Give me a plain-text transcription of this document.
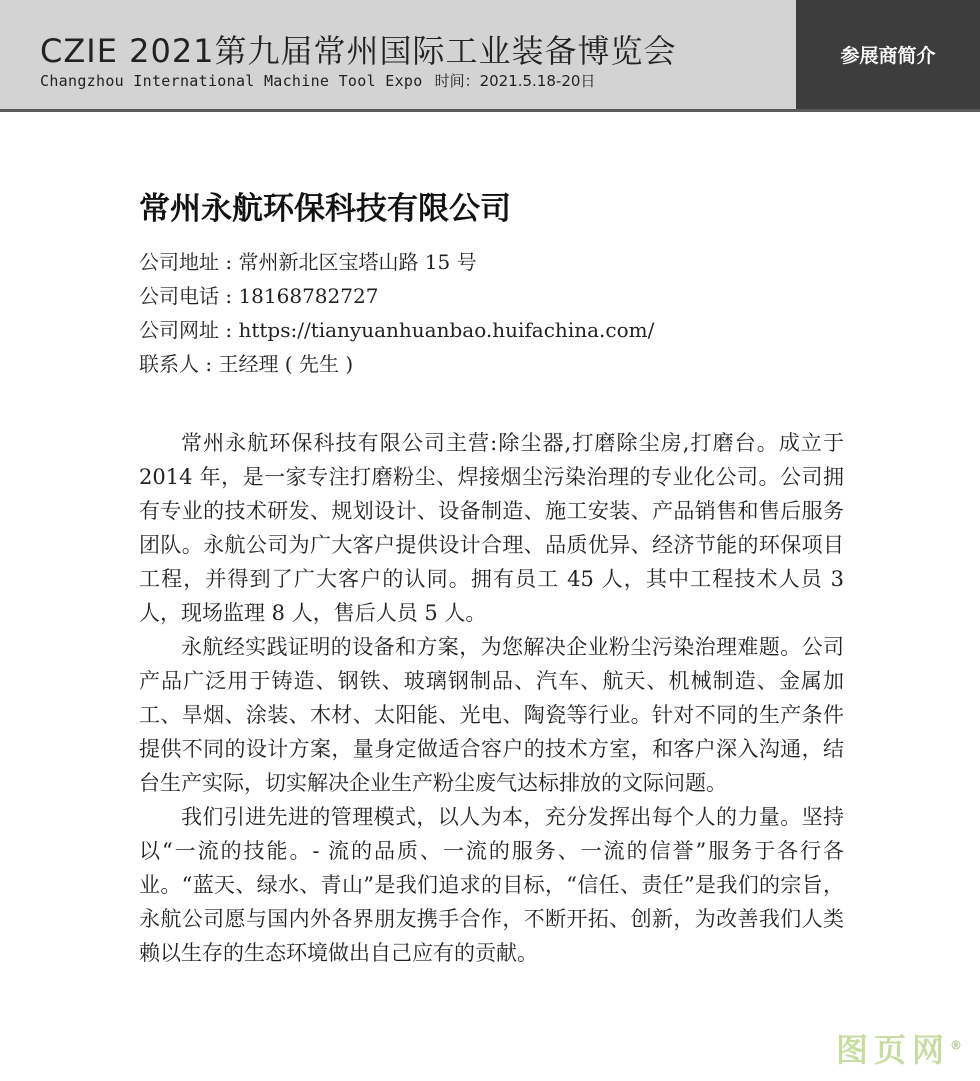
CZIE 2021第九届常州国际工业装备博览会
Changzhou International Machine Tool Expo 时间：2021.5.18-20日
参展商简介
常州永航环保科技有限公司
公司地址 : 常州新北区宝塔山路 15 号
公司电话 : 18168782727
公司网址 : https://tianyuanhuanbao.huifachina.com/
联系人 : 王经理 ( 先生 )

常州永航环保科技有限公司主营:除尘器,打磨除尘房,打磨台。成立于 2014 年，是一家专注打磨粉尘、焊接烟尘污染治理的专业化公司。公司拥有专业的技术研发、规划设计、设备制造、施工安装、产品销售和售后服务团队。永航公司为广大客户提供设计合理、品质优异、经济节能的环保项目工程，并得到了广大客户的认同。拥有员工 45 人，其中工程技术人员 3 人，现场监理 8 人，售后人员 5 人。

永航经实践证明的设备和方案，为您解决企业粉尘污染治理难题。公司产品广泛用于铸造、钢铁、玻璃钢制品、汽车、航天、机械制造、金属加工、旱烟、涂装、木材、太阳能、光电、陶瓷等行业。针对不同的生产条件提供不同的设计方案，量身定做适合容户的技术方室，和客户深入沟通，结台生产实际，切实解决企业生产粉尘废气达标排放的文际问题。

我们引进先进的管理模式，以人为本，充分发挥出每个人的力量。坚持以“一流的技能。- 流的品质、一流的服务、一流的信誉”服务于各行各业。“蓝天、绿水、青山”是我们追求的目标，“信任、责任”是我们的宗旨，永航公司愿与国内外各界朋友携手合作，不断开拓、创新，为改善我们人类赖以生存的生态环境做出自己应有的贡献。

图页网®
